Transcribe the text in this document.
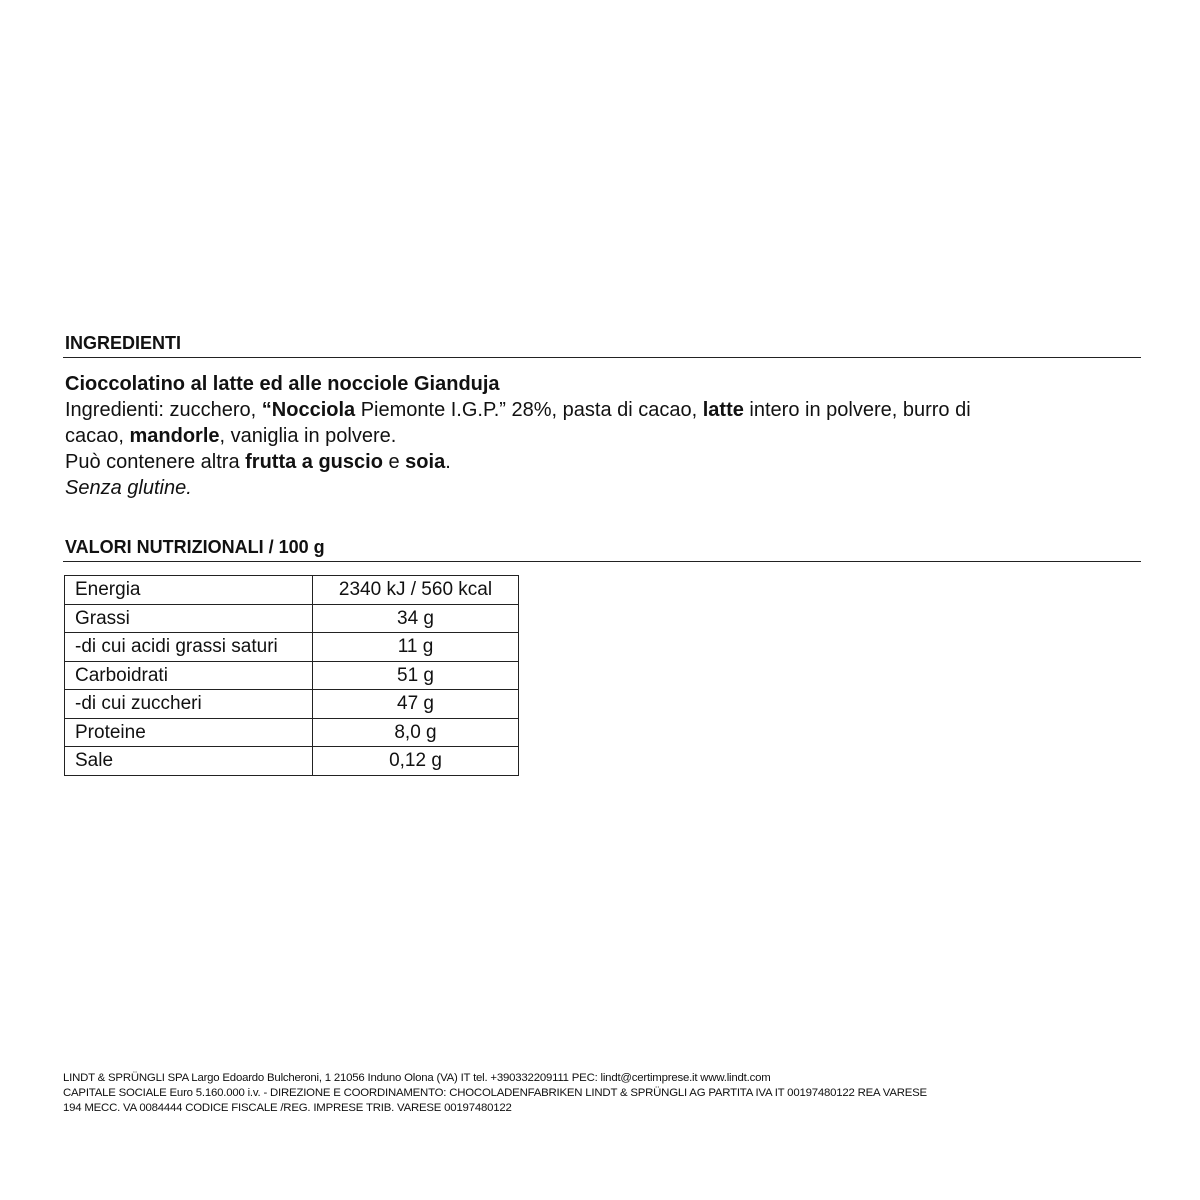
INGREDIENTI

Cioccolatino al latte ed alle nocciole Gianduja

Ingredienti: zucchero, “Nocciola Piemonte I.G.P.” 28%, pasta di cacao, latte intero in polvere, burro di
cacao, mandorle, vaniglia in polvere.

Può contenere altra frutta a guscio e soia.

Senza glutine.

VALORI NUTRIZIONALI / 100 g
Energia	2340 kJ / 560 kcal
Grassi	34 g
-di cui acidi grassi saturi	11 g
Carboidrati	51 g
-di cui zuccheri	47 g
Proteine	8,0 g
Sale	0,12 g
LINDT & SPRÜNGLI SPA Largo Edoardo Bulcheroni, 1 21056 Induno Olona (VA) IT tel. +390332209111 PEC: lindt@certimprese.it www.lindt.com
CAPITALE SOCIALE Euro 5.160.000 i.v. - DIREZIONE E COORDINAMENTO: CHOCOLADENFABRIKEN LINDT & SPRÜNGLI AG PARTITA IVA IT 00197480122 REA VARESE
194 MECC. VA 0084444 CODICE FISCALE /REG. IMPRESE TRIB. VARESE 00197480122
